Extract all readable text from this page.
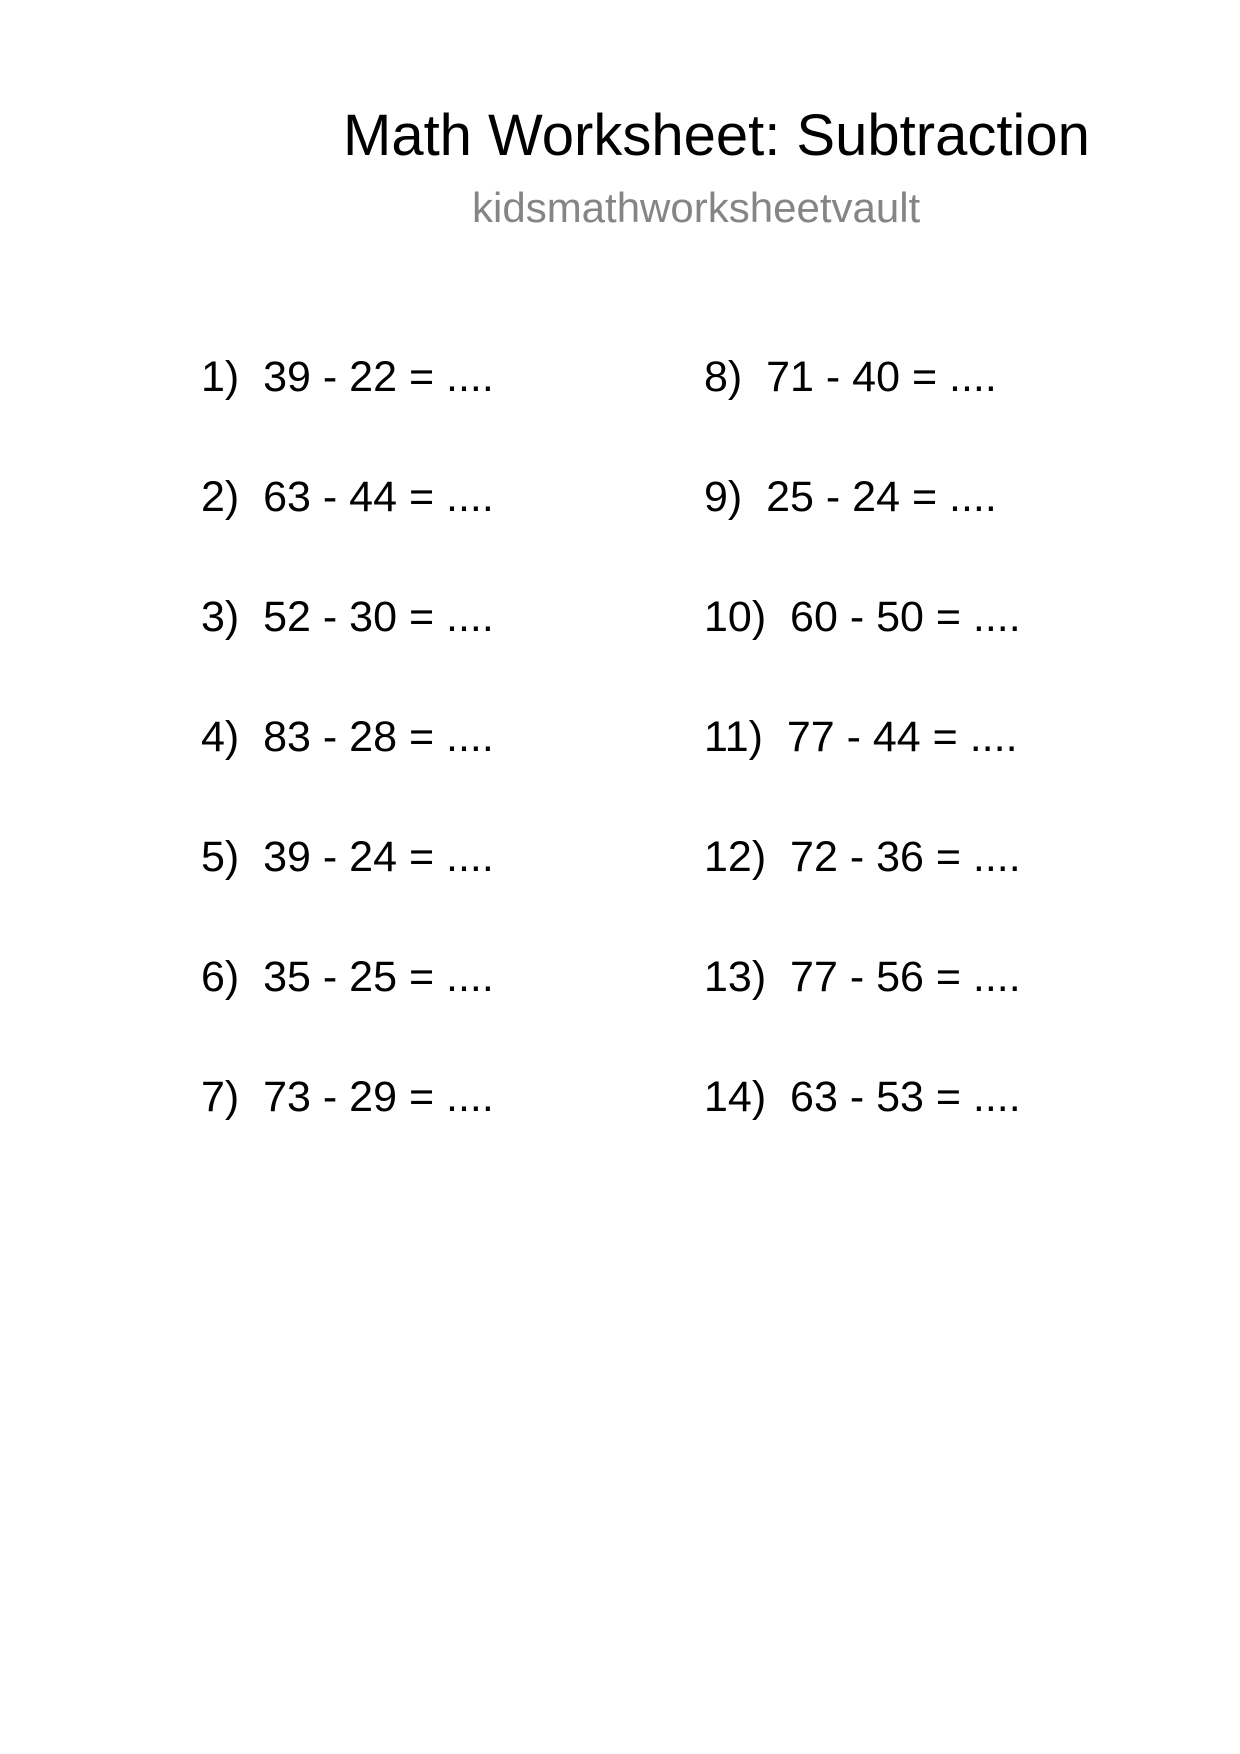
Math Worksheet: Subtraction
kidsmathworksheetvault
1)  39 - 22 = ....
2)  63 - 44 = ....
3)  52 - 30 = ....
4)  83 - 28 = ....
5)  39 - 24 = ....
6)  35 - 25 = ....
7)  73 - 29 = ....
8)  71 - 40 = ....
9)  25 - 24 = ....
10)  60 - 50 = ....
11)  77 - 44 = ....
12)  72 - 36 = ....
13)  77 - 56 = ....
14)  63 - 53 = ....
